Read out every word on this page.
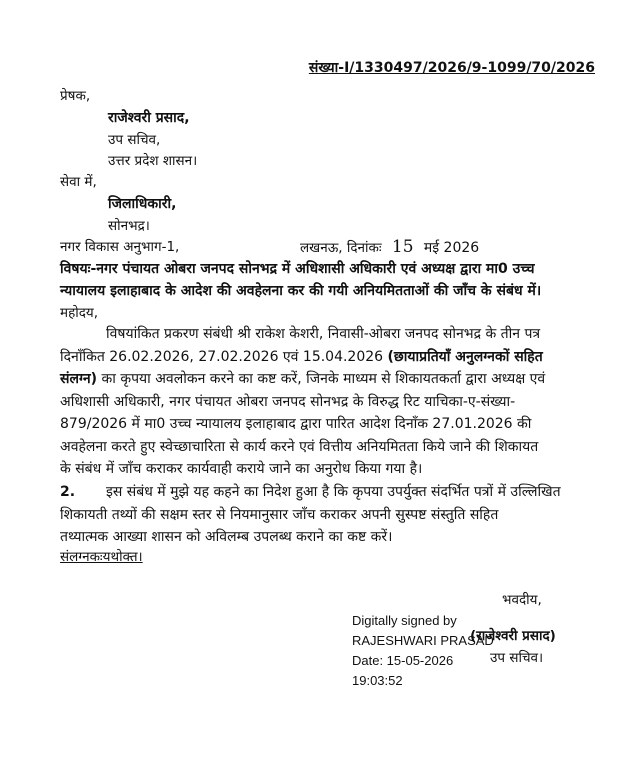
संख्या-I/1330497/2026/9-1099/70/2026
प्रेषक,
राजेश्वरी प्रसाद,
उप सचिव,
उत्तर प्रदेश शासन।
सेवा में,
जिलाधिकारी,
सोनभद्र।
नगर विकास अनुभाग-1,	लखनऊ, दिनांकः 15 मई 2026
विषयः-नगर पंचायत ओबरा जनपद सोनभद्र में अधिशासी अधिकारी एवं अध्यक्ष द्वारा मा0 उच्च
न्यायालय इलाहाबाद के आदेश की अवहेलना कर की गयी अनियमितताओं की जाँच के संबंध में।
महोदय,
विषयांकित प्रकरण संबंधी श्री राकेश केशरी, निवासी-ओबरा जनपद सोनभद्र के तीन पत्र
दिनाँकित 26.02.2026, 27.02.2026 एवं 15.04.2026 (छायाप्रतियाँ अनुलग्नकों सहित
संलग्न) का कृपया अवलोकन करने का कष्ट करें, जिनके माध्यम से शिकायतकर्ता द्वारा अध्यक्ष एवं
अधिशासी अधिकारी, नगर पंचायत ओबरा जनपद सोनभद्र के विरुद्ध रिट याचिका-ए-संख्या-
879/2026 में मा0 उच्च न्यायालय इलाहाबाद द्वारा पारित आदेश दिनाँक 27.01.2026 की
अवहेलना करते हुए स्वेच्छाचारिता से कार्य करने एवं वित्तीय अनियमितता किये जाने की शिकायत
के संबंध में जाँच कराकर कार्यवाही कराये जाने का अनुरोध किया गया है।
2. इस संबंध में मुझे यह कहने का निदेश हुआ है कि कृपया उपर्युक्त संदर्भित पत्रों में उल्लिखित
शिकायती तथ्यों की सक्षम स्तर से नियमानुसार जाँच कराकर अपनी सुस्पष्ट संस्तुति सहित
तथ्यात्मक आख्या शासन को अविलम्ब उपलब्ध कराने का कष्ट करें।
संलग्नकःयथोक्त।
भवदीय,
Digitally signed by
RAJESHWARI PRASAD
Date: 15-05-2026
19:03:52
(राजेश्वरी प्रसाद)
उप सचिव।
